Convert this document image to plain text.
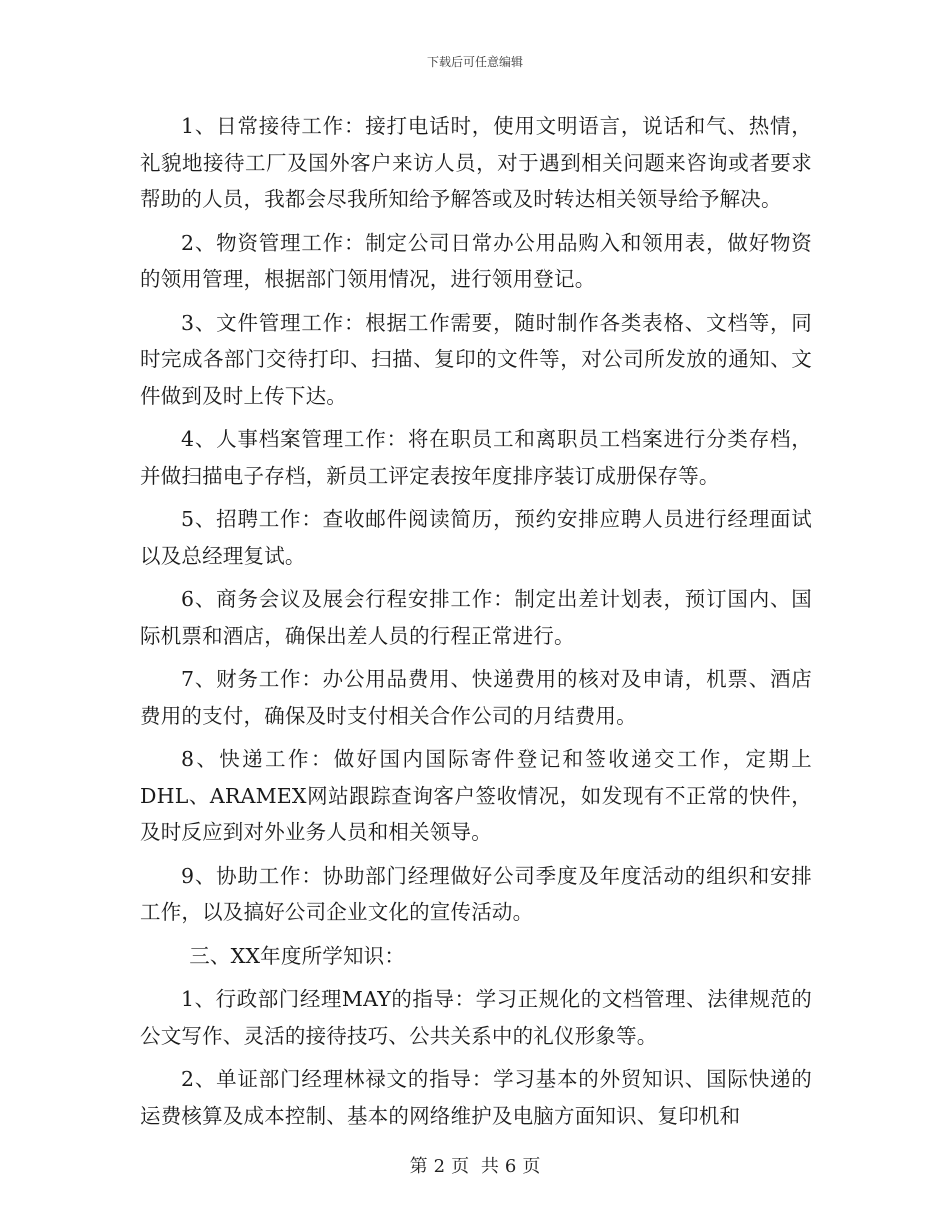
下载后可任意编辑

1、日常接待工作：接打电话时，使用文明语言，说话和气、热情，礼貌地接待工厂及国外客户来访人员，对于遇到相关问题来咨询或者要求帮助的人员，我都会尽我所知给予解答或及时转达相关领导给予解决。

2、物资管理工作：制定公司日常办公用品购入和领用表，做好物资的领用管理，根据部门领用情况，进行领用登记。

3、文件管理工作：根据工作需要，随时制作各类表格、文档等，同时完成各部门交待打印、扫描、复印的文件等，对公司所发放的通知、文件做到及时上传下达。

4、人事档案管理工作：将在职员工和离职员工档案进行分类存档，并做扫描电子存档，新员工评定表按年度排序装订成册保存等。

5、招聘工作：查收邮件阅读简历，预约安排应聘人员进行经理面试以及总经理复试。

6、商务会议及展会行程安排工作：制定出差计划表，预订国内、国际机票和酒店，确保出差人员的行程正常进行。

7、财务工作：办公用品费用、快递费用的核对及申请，机票、酒店费用的支付，确保及时支付相关合作公司的月结费用。

8、快递工作：做好国内国际寄件登记和签收递交工作，定期上DHL、ARAMEX网站跟踪查询客户签收情况，如发现有不正常的快件，及时反应到对外业务人员和相关领导。

9、协助工作：协助部门经理做好公司季度及年度活动的组织和安排工作，以及搞好公司企业文化的宣传活动。

三、XX年度所学知识：

1、行政部门经理MAY的指导：学习正规化的文档管理、法律规范的公文写作、灵活的接待技巧、公共关系中的礼仪形象等。

2、单证部门经理林禄文的指导：学习基本的外贸知识、国际快递的运费核算及成本控制、基本的网络维护及电脑方面知识、复印机和

第 2 页 共 6 页
